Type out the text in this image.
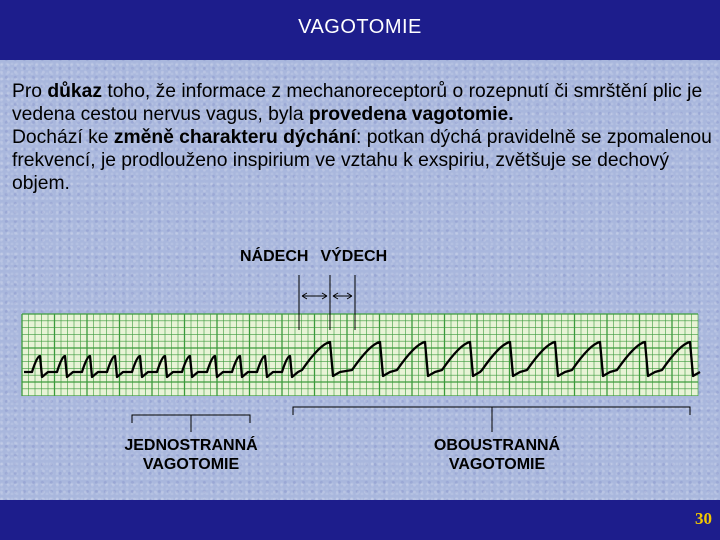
VAGOTOMIE

Pro důkaz toho, že informace z mechanoreceptorů o rozepnutí či smrštění plic je vedena cestou nervus vagus, byla provedena vagotomie.

Dochází ke změně charakteru dýchání: potkan dýchá pravidelně se zpomalenou frekvencí, je prodlouženo inspirium ve vztahu k exspiriu, zvětšuje se dechový objem.

NÁDECH VÝDECH
JEDNOSTRANNÁ
VAGOTOMIE
OBOUSTRANNÁ
VAGOTOMIE
30
